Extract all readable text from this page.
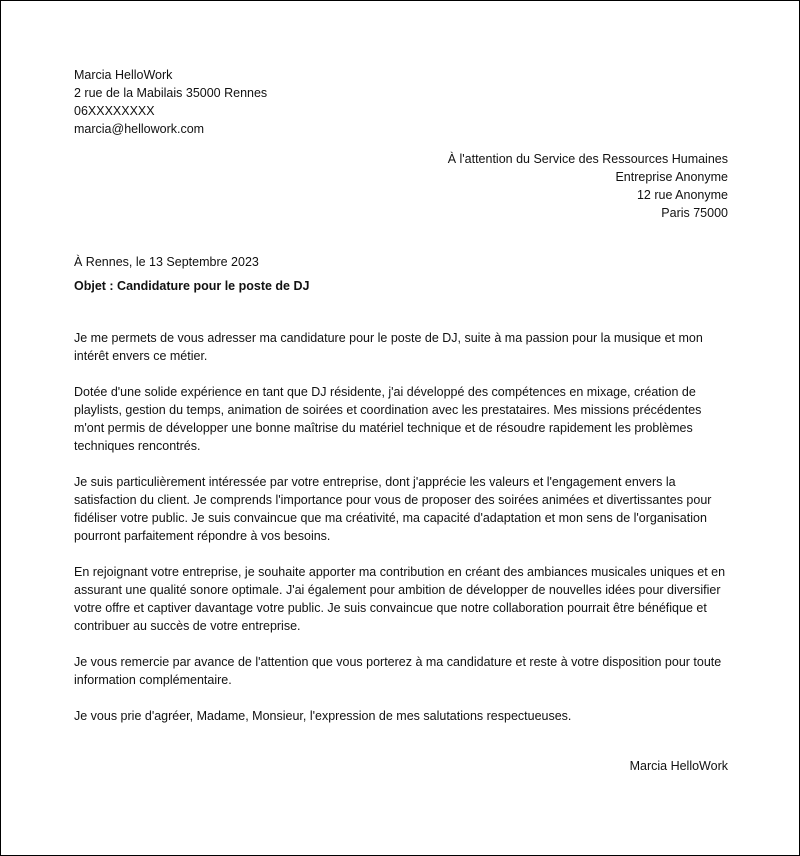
Marcia HelloWork
2 rue de la Mabilais 35000 Rennes
06XXXXXXXX
marcia@hellowork.com
À l'attention du Service des Ressources Humaines
Entreprise Anonyme
12 rue Anonyme
Paris 75000
À Rennes, le 13 Septembre 2023
Objet : Candidature pour le poste de DJ

Je me permets de vous adresser ma candidature pour le poste de DJ, suite à ma passion pour la musique et mon intérêt envers ce métier.

Dotée d'une solide expérience en tant que DJ résidente, j'ai développé des compétences en mixage, création de playlists, gestion du temps, animation de soirées et coordination avec les prestataires. Mes missions précédentes m'ont permis de développer une bonne maîtrise du matériel technique et de résoudre rapidement les problèmes techniques rencontrés.

Je suis particulièrement intéressée par votre entreprise, dont j'apprécie les valeurs et l'engagement envers la satisfaction du client. Je comprends l'importance pour vous de proposer des soirées animées et divertissantes pour fidéliser votre public. Je suis convaincue que ma créativité, ma capacité d'adaptation et mon sens de l'organisation pourront parfaitement répondre à vos besoins.

En rejoignant votre entreprise, je souhaite apporter ma contribution en créant des ambiances musicales uniques et en assurant une qualité sonore optimale. J'ai également pour ambition de développer de nouvelles idées pour diversifier votre offre et captiver davantage votre public. Je suis convaincue que notre collaboration pourrait être bénéfique et contribuer au succès de votre entreprise.

Je vous remercie par avance de l'attention que vous porterez à ma candidature et reste à votre disposition pour toute information complémentaire.

Je vous prie d'agréer, Madame, Monsieur, l'expression de mes salutations respectueuses.

Marcia HelloWork
